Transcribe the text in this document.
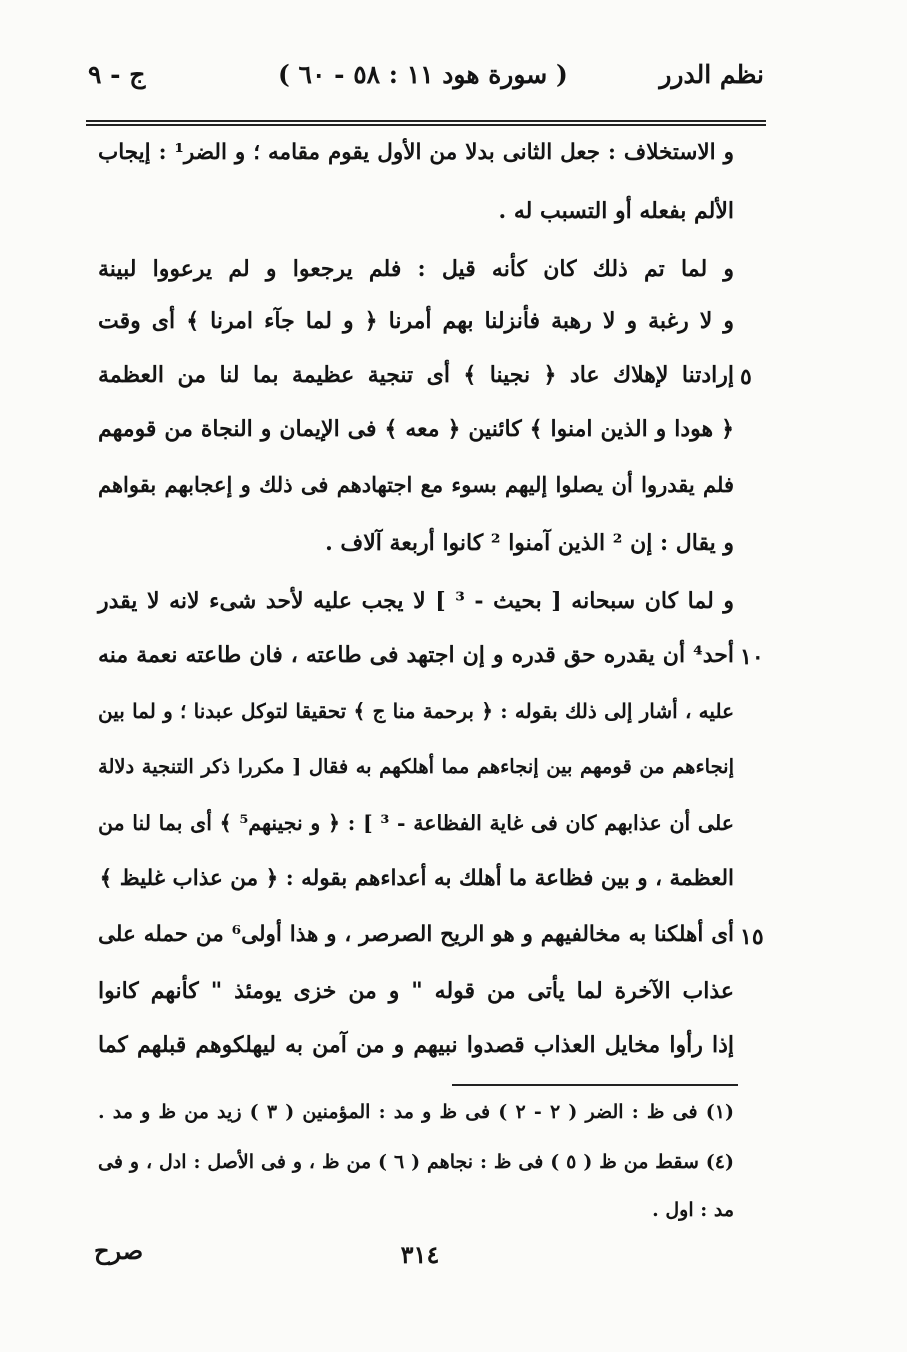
نظم الدرر
( سورة هود ١١ : ٥٨ - ٦٠ )
ج - ٩
و الاستخلاف : جعل الثانى بدلا من الأول يقوم مقامه ؛ و الضر¹ : إيجاب
الألم بفعله أو التسبب له .
و لما تم ذلك كان كأنه قيل : فلم يرجعوا و لم يرعووا لبينة
و لا رغبة و لا رهبة فأنزلنا بهم أمرنا ﴿ و لما جآء امرنا ﴾ أى وقت
إرادتنا لإهلاك عاد ﴿ نجينا ﴾ أى تنجية عظيمة بما لنا من العظمة
﴿ هودا و الذين امنوا ﴾ كائنين ﴿ معه ﴾ فى الإيمان و النجاة من قومهم
فلم يقدروا أن يصلوا إليهم بسوء مع اجتهادهم فى ذلك و إعجابهم بقواهم
و يقال : إن ² الذين آمنوا ² كانوا أربعة آلاف .
و لما كان سبحانه [ بحيث - ³ ] لا يجب عليه لأحد شىء لانه لا يقدر
أحد⁴ أن يقدره حق قدره و إن اجتهد فى طاعته ، فان طاعته نعمة منه
عليه ، أشار إلى ذلك بقوله : ﴿ برحمة منا ج ﴾ تحقيقا لتوكل عبدنا ؛ و لما بين
إنجاءهم من قومهم بين إنجاءهم مما أهلكهم به فقال [ مكررا ذكر التنجية دلالة
على أن عذابهم كان فى غاية الفظاعة - ³ ] : ﴿ و نجينهم⁵ ﴾ أى بما لنا من
العظمة ، و بين فظاعة ما أهلك به أعداءهم بقوله : ﴿ من عذاب غليظ ﴾
أى أهلكنا به مخالفيهم و هو الريح الصرصر ، و هذا أولى⁶ من حمله على
عذاب الآخرة لما يأتى من قوله " و من خزى يومئذ " كأنهم كانوا
إذا رأوا مخايل العذاب قصدوا نبيهم و من آمن به ليهلكوهم قبلهم كما
٥
١٠
١٥
(١) فى ظ : الضر ( ٢ - ٢ ) فى ظ و مد : المؤمنين ( ٣ ) زيد من ظ و مد .
(٤) سقط من ظ ( ٥ ) فى ظ : نجاهم ( ٦ ) من ظ ، و فى الأصل : ادل ، و فى
مد : اول .
٣١٤
صرح
